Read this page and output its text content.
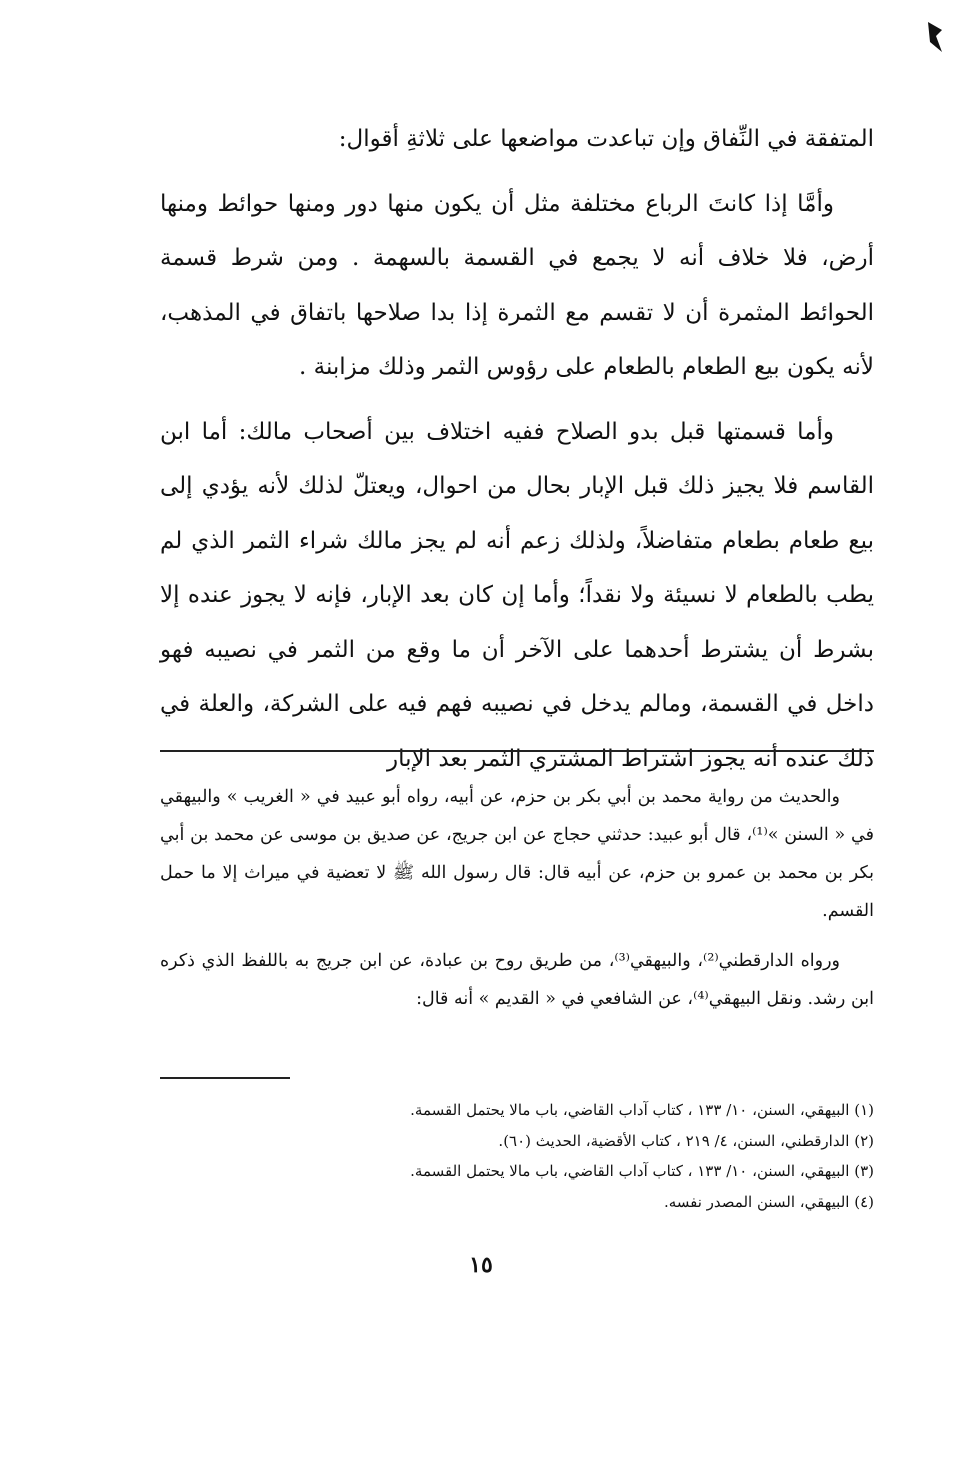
المتفقة في النِّفاق وإن تباعدت مواضعها على ثلاثةِ أقوال:

وأمَّا إذا كانتَ الرباع مختلفة مثل أن يكون منها دور ومنها حوائط ومنها أرض، فلا خلاف أنه لا يجمع في القسمة بالسهمة . ومن شرط قسمة الحوائط المثمرة أن لا تقسم مع الثمرة إذا بدا صلاحها باتفاق في المذهب، لأنه يكون بيع الطعام بالطعام على رؤوس الثمر وذلك مزابنة .

وأما قسمتها قبل بدو الصلاح ففيه اختلاف بين أصحاب مالك: أما ابن القاسم فلا يجيز ذلك قبل الإبار بحال من احوال، ويعتلّ لذلك لأنه يؤدي إلى بيع طعام بطعام متفاضلاً، ولذلك زعم أنه لم يجز مالك شراء الثمر الذي لم يطب بالطعام لا نسيئة ولا نقداً؛ وأما إن كان بعد الإبار، فإنه لا يجوز عنده إلا بشرط أن يشترط أحدهما على الآخر أن ما وقع من الثمر في نصيبه فهو داخل في القسمة، ومالم يدخل في نصيبه فهم فيه على الشركة، والعلة في ذلك عنده أنه يجوز اشتراط المشتري الثمر بعد الإبار

والحديث من رواية محمد بن أبي بكر بن حزم، عن أبيه، رواه أبو عبيد في « الغريب » والبيهقي في « السنن »⁽¹⁾، قال أبو عبيد: حدثني حجاج عن ابن جريج، عن صديق بن موسى عن محمد بن أبي بكر بن محمد بن عمرو بن حزم، عن أبيه قال: قال رسول الله ﷺ لا تعضية في ميراث إلا ما حمل القسم.

ورواه الدارقطني⁽²⁾، والبيهقي⁽³⁾، من طريق روح بن عبادة، عن ابن جريج به باللفظ الذي ذكره ابن رشد. ونقل البيهقي⁽⁴⁾، عن الشافعي في « القديم » أنه قال:

(١) البيهقي، السنن، ١٠/ ١٣٣ ، كتاب آداب القاضي، باب مالا يحتمل القسمة.
(٢) الدارقطني، السنن، ٤/ ٢١٩ ، كتاب الأقضية، الحديث (٦٠).
(٣) البيهقي، السنن، ١٠/ ١٣٣ ، كتاب آداب القاضي، باب مالا يحتمل القسمة.
(٤) البيهقي، السنن المصدر نفسه.
١٥
